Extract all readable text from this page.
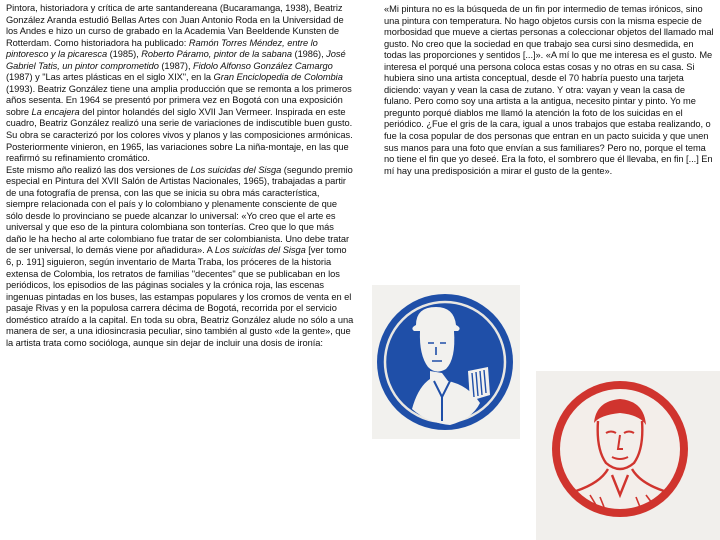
Pintora, historiadora y crítica de arte santandereana (Bucaramanga, 1938), Beatriz González Aranda estudió Bellas Artes con Juan Antonio Roda en la Universidad de los Andes e hizo un curso de grabado en la Academia Van Beeldende Kunsten de Rotterdam. Como historiadora ha publicado: Ramón Torres Méndez, entre lo pintoresco y la picaresca (1985), Roberto Páramo, pintor de la sabana (1986), José Gabriel Tatis, un pintor comprometido (1987), Fidolo Alfonso González Camargo (1987) y "Las artes plásticas en el siglo XIX", en la Gran Enciclopedia de Colombia (1993). Beatriz González tiene una amplia producción que se remonta a los primeros años sesenta. En 1964 se presentó por primera vez en Bogotá con una exposición sobre La encajera del pintor holandés del siglo XVII Jan Vermeer. Inspirada en este cuadro, Beatriz González realizó una serie de variaciones de indiscutible buen gusto. Su obra se caracterizó por los colores vivos y planos y las composiciones armónicas. Posteriormente vinieron, en 1965, las variaciones sobre La niña-montaje, en las que reafirmó su refinamiento cromático.

Este mismo año realizó las dos versiones de Los suicidas del Sisga (segundo premio especial en Pintura del XVII Salón de Artistas Nacionales, 1965), trabajadas a partir de una fotografía de prensa, con las que se inicia su obra más característica, siempre relacionada con el país y lo colombiano y plenamente consciente de que sólo desde lo provinciano se puede alcanzar lo universal: «Yo creo que el arte es universal y que eso de la pintura colombiana son tonterías. Creo que lo que más daño le ha hecho al arte colombiano fue tratar de ser colombianista. Uno debe tratar de ser universal, lo demás viene por añadidura». A Los suicidas del Sisga [ver tomo 6, p. 191] siguieron, según inventario de Marta Traba, los próceres de la historia extensa de Colombia, los retratos de familias "decentes" que se publicaban en los periódicos, los episodios de las páginas sociales y la crónica roja, las escenas ingenuas pintadas en los buses, las estampas populares y los cromos de venta en el pasaje Rivas y en la populosa carrera décima de Bogotá, recorrida por el servicio doméstico atraído a la capital. En toda su obra, Beatriz González alude no sólo a una manera de ser, a una idiosincrasia peculiar, sino también al gusto «de la gente», que la artista trata como socióloga, aunque sin dejar de incluir una dosis de ironía:

«Mi pintura no es la búsqueda de un fin por intermedio de temas irónicos, sino una pintura con temperatura. No hago objetos cursis con la misma especie de morbosidad que mueve a ciertas personas a coleccionar objetos del llamado mal gusto. No creo que la sociedad en que trabajo sea cursi sino desmedida, en todas las proporciones y sentidos [...]». «A mí lo que me interesa es el gusto. Me interesa el porqué una persona coloca estas cosas y no otras en su casa. Si hubiera sino una artista conceptual, desde el 70 habría puesto una tarjeta diciendo: vayan y vean la casa de zutano. Y otra: vayan y vean la casa de fulano. Pero como soy una artista a la antigua, necesito pintar y pinto. Yo me pregunto porqué diablos me llamó la atención la foto de los suicidas en el periódico. ¿Fue el gris de la cara, igual a unos trabajos que estaba realizando, o fue la cosa popular de dos personas que entran en un pacto suicida y que unen sus manos para una foto que envían a sus familiares? Pero no, porque el tema no tiene el fin que yo deseé. Era la foto, el sombrero que él llevaba, en fin [...] En mí hay una predisposición a mirar el gusto de la gente».
